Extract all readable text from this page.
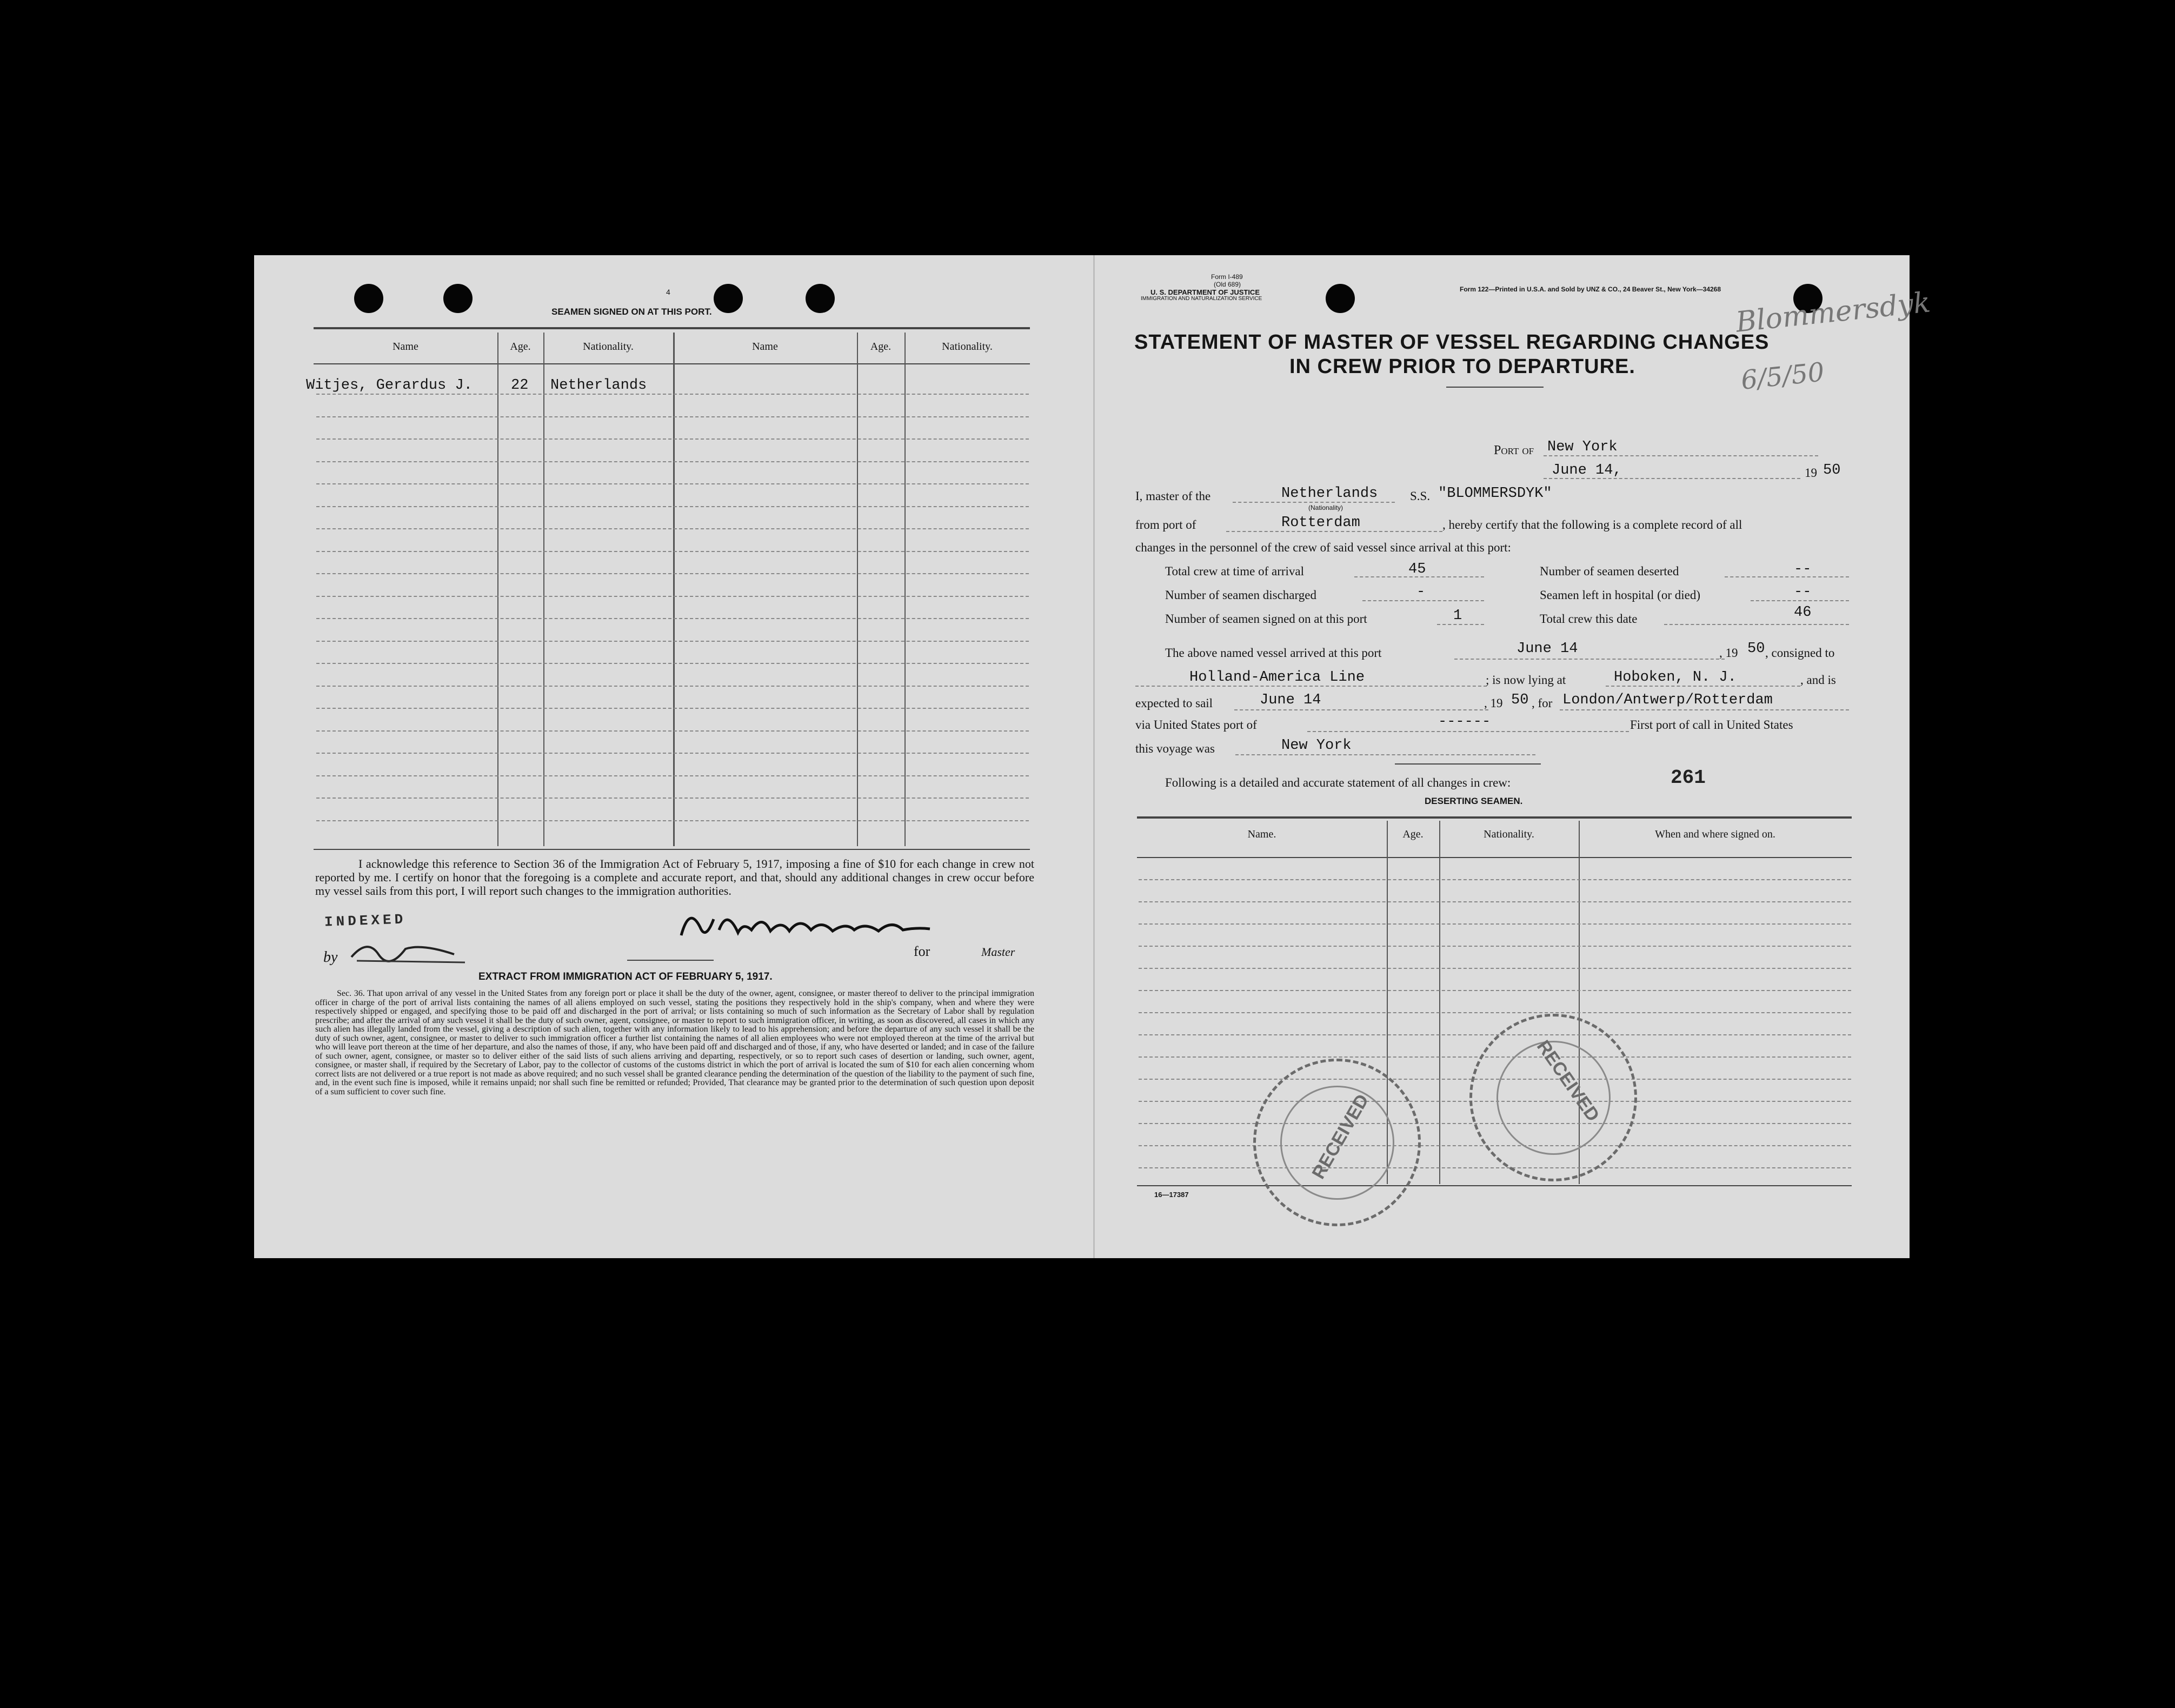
4
SEAMEN SIGNED ON AT THIS PORT.
Name	Age.	Nationality.	Name	Age.	Nationality.
Witjes, Gerardus J.	22 Netherlands
I acknowledge this reference to Section 36 of the Immigration Act of February 5, 1917, imposing a fine of $10 for each change in crew not reported by me. I certify on honor that the foregoing is a complete and accurate report, and that, should any additional changes in crew occur before my vessel sails from this port, I will report such changes to the immigration authorities.
INDEXED
by	for	Master
EXTRACT FROM IMMIGRATION ACT OF FEBRUARY 5, 1917.
Sec. 36. That upon arrival of any vessel in the United States from any foreign port or place it shall be the duty of the owner, agent, consignee, or master thereof to deliver to the principal immigration officer in charge of the port of arrival lists containing the names of all aliens employed on such vessel, stating the positions they respectively hold in the ship's company, when and where they were respectively shipped or engaged, and specifying those to be paid off and discharged in the port of arrival; or lists containing so much of such information as the Secretary of Labor shall by regulation prescribe; and after the arrival of any such vessel it shall be the duty of such owner, agent, consignee, or master to report to such immigration officer, in writing, as soon as discovered, all cases in which any such alien has illegally landed from the vessel, giving a description of such alien, together with any information likely to lead to his apprehension; and before the departure of any such vessel it shall be the duty of such owner, agent, consignee, or master to deliver to such immigration officer a further list containing the names of all alien employees who were not employed thereon at the time of the arrival but who will leave port thereon at the time of her departure, and also the names of those, if any, who have been paid off and discharged and of those, if any, who have deserted or landed; and in case of the failure of such owner, agent, consignee, or master so to deliver either of the said lists of such aliens arriving and departing, respectively, or so to report such cases of desertion or landing, such owner, agent, consignee, or master shall, if required by the Secretary of Labor, pay to the collector of customs of the customs district in which the port of arrival is located the sum of $10 for each alien concerning whom correct lists are not delivered or a true report is not made as above required; and no such vessel shall be granted clearance pending the determination of the question of the liability to the payment of such fine, and, in the event such fine is imposed, while it remains unpaid; nor shall such fine be remitted or refunded; Provided, That clearance may be granted prior to the determination of such question upon deposit of a sum sufficient to cover such fine.
Form I-489
(Old 689)
U. S. DEPARTMENT OF JUSTICE
IMMIGRATION AND NATURALIZATION SERVICE
Form 122—Printed in U.S.A. and Sold by UNZ & CO., 24 Beaver St., New York—34268 Blommersdyk
6/5/50
STATEMENT OF MASTER OF VESSEL REGARDING CHANGES
IN CREW PRIOR TO DEPARTURE.
Port of New York
June 14,	19 50
I, master of the	Netherlands
(Nationality)
S.S. "BLOMMERSDYK"
from port of	Rotterdam	, hereby certify that the following is a complete record of all
changes in the personnel of the crew of said vessel since arrival at this port:
Total crew at time of arrival	45	Number of seamen deserted	--
Number of seamen discharged	-	Seamen left in hospital (or died)	--
Number of seamen signed on at this port	1	Total crew this date	46
The above named vessel arrived at this port	June 14	, 19 50 , consigned to
Holland-America Line	; is now lying at	Hoboken, N. J.	, and is
expected to sail	June 14	, 19 50 , for London/Antwerp/Rotterdam
via United States port of	------	First port of call in United States
this voyage was	New York
Following is a detailed and accurate statement of all changes in crew:	261
DESERTING SEAMEN.
Name.	Age.	Nationality.	When and where signed on.
16—17387
RECEIVED
RECEIVED
